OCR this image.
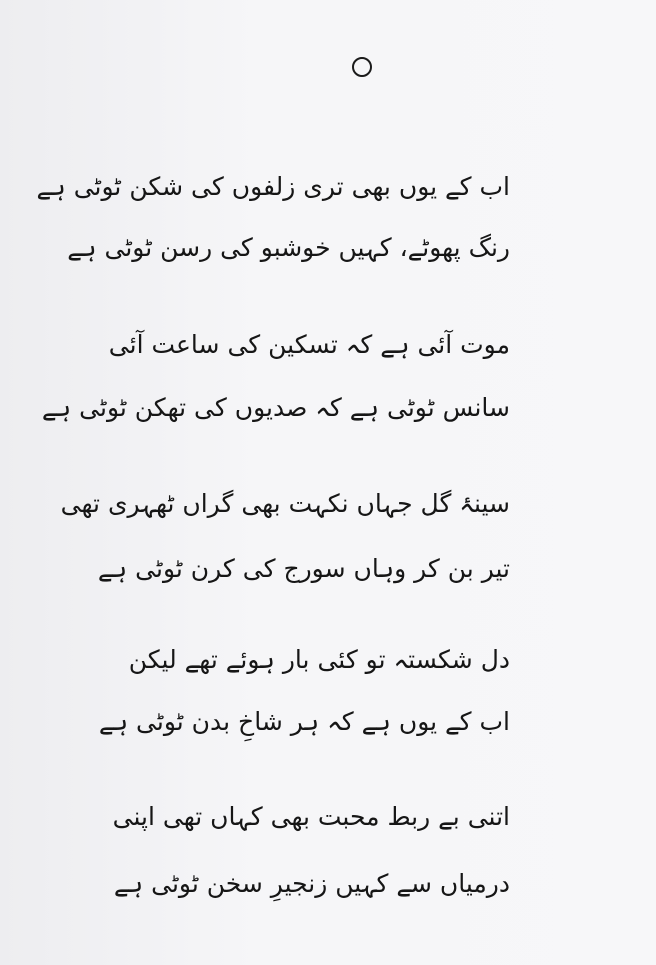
اب کے یوں بھی تری زلفوں کی شکن ٹوٹی ہے
رنگ پھوٹے، کہیں خوشبو کی رسن ٹوٹی ہے
موت آئی ہے کہ تسکین کی ساعت آئی
سانس ٹوٹی ہے کہ صدیوں کی تھکن ٹوٹی ہے
سینۂ گل جہاں نکہت بھی گراں ٹھہری تھی
تیر بن کر وہاں سورج کی کرن ٹوٹی ہے
دل شکستہ تو کئی بار ہوئے تھے لیکن
اب کے یوں ہے کہ ہر شاخِ بدن ٹوٹی ہے
اتنی بے ربط محبت بھی کہاں تھی اپنی
درمیاں سے کہیں زنجیرِ سخن ٹوٹی ہے
